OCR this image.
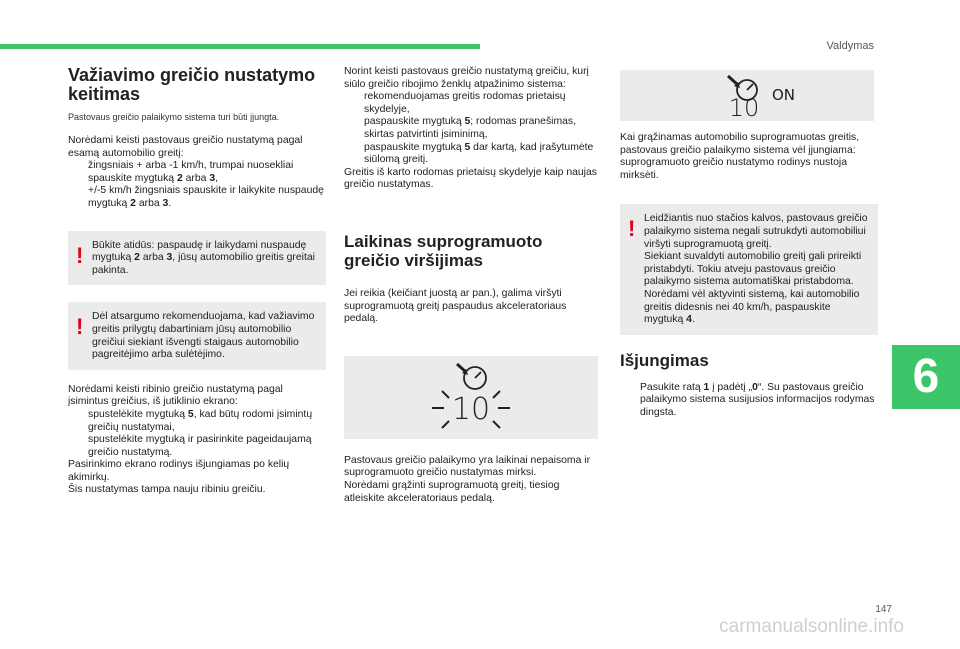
Valdymas
Važiavimo greičio nustatymo keitimas
Pastovaus greičio palaikymo sistema turi būti įjungta.

Norėdami keisti pastovaus greičio nustatymą pagal esamą automobilio greitį:

žingsniais + arba -1 km/h, trumpai nuosekliai spauskite mygtuką 2 arba 3,

+/-5 km/h žingsniais spauskite ir laikykite nuspaudę mygtuką 2 arba 3.

! Būkite atidūs: paspaudę ir laikydami nuspaudę mygtuką 2 arba 3, jūsų automobilio greitis greitai pakinta.

! Dėl atsargumo rekomenduojama, kad važiavimo greitis prilygtų dabartiniam jūsų automobilio greičiui siekiant išvengti staigaus automobilio pagreitėjimo arba sulėtėjimo.

Norėdami keisti ribinio greičio nustatymą pagal įsimintus greičius, iš jutiklinio ekrano:

spustelėkite mygtuką 5, kad būtų rodomi įsimintų greičių nustatymai,

spustelėkite mygtuką ir pasirinkite pageidaujamą greičio nustatymą.

Pasirinkimo ekrano rodinys išjungiamas po kelių akimirkų.

Šis nustatymas tampa nauju ribiniu greičiu.

Norint keisti pastovaus greičio nustatymą greičiu, kurį siūlo greičio ribojimo ženklų atpažinimo sistema:

rekomenduojamas greitis rodomas prietaisų skydelyje,

paspauskite mygtuką 5; rodomas pranešimas, skirtas patvirtinti įsiminimą,

paspauskite mygtuką 5 dar kartą, kad įrašytumėte siūlomą greitį.

Greitis iš karto rodomas prietaisų skydelyje kaip naujas greičio nustatymas.

Laikinas suprogramuoto greičio viršijimas

Jei reikia (keičiant juostą ar pan.), galima viršyti suprogramuotą greitį paspaudus akceleratoriaus pedalą.

10

Pastovaus greičio palaikymo yra laikinai nepaisoma ir suprogramuoto greičio nustatymas mirksi.

Norėdami grąžinti suprogramuotą greitį, tiesiog atleiskite akceleratoriaus pedalą.

10 ON

Kai grąžinamas automobilio suprogramuotas greitis, pastovaus greičio palaikymo sistema vėl įjungiama: suprogramuoto greičio nustatymo rodinys nustoja mirksėti.

! Leidžiantis nuo stačios kalvos, pastovaus greičio palaikymo sistema negali sutrukdyti automobiliui viršyti suprogramuotą greitį.

Siekiant suvaldyti automobilio greitį gali prireikti pristabdyti. Tokiu atveju pastovaus greičio palaikymo sistema automatiškai pristabdoma.

Norėdami vėl aktyvinti sistemą, kai automobilio greitis didesnis nei 40 km/h, paspauskite mygtuką 4.

Išjungimas

Pasukite ratą 1 į padėtį „0“. Su pastovaus greičio palaikymo sistema susijusios informacijos rodymas dingsta.

6
147
carmanualsonline.info
